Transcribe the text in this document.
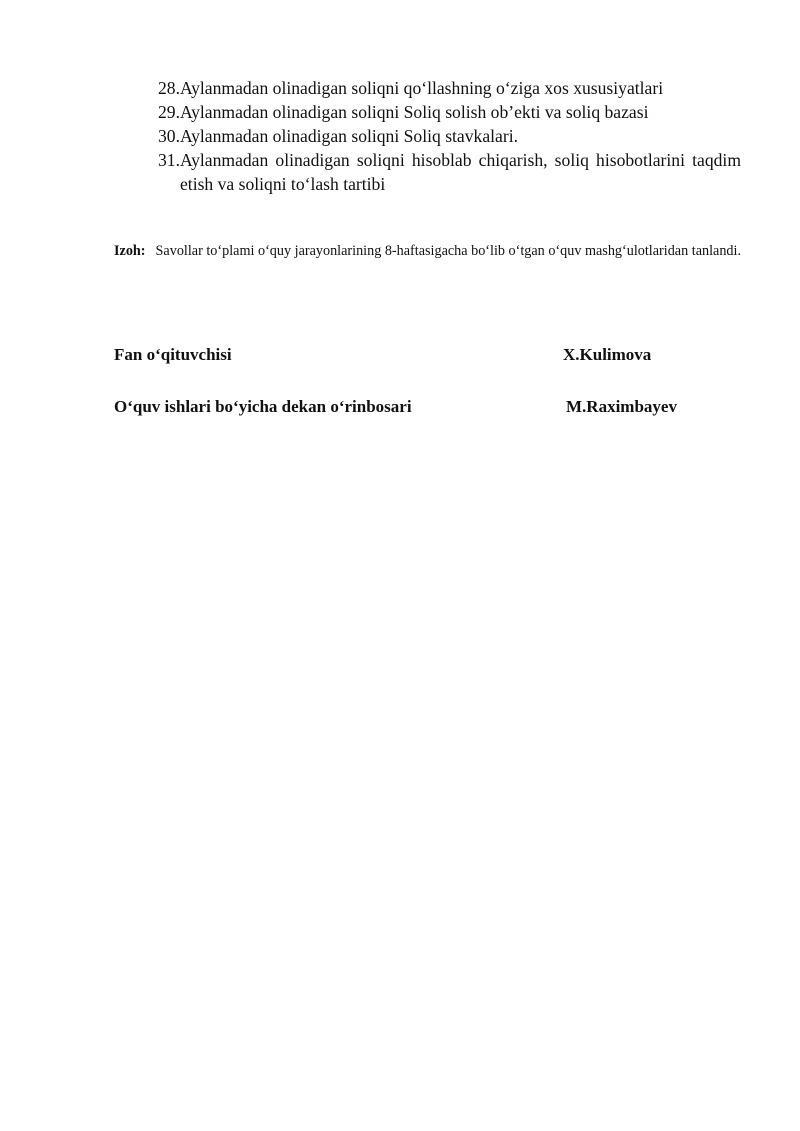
28. Aylanmadan olinadigan soliqni qo‘llashning o‘ziga xos xususiyatlari
29. Aylanmadan olinadigan soliqni Soliq solish ob’ekti va soliq bazasi
30. Aylanmadan olinadigan soliqni Soliq stavkalari.
31. Aylanmadan olinadigan soliqni hisoblab chiqarish, soliq hisobotlarini taqdim etish va soliqni to‘lash tartibi

Izoh: Savollar to‘plami o‘quy jarayonlarining 8-haftasigacha bo‘lib o‘tgan o‘quv mashg‘ulotlaridan tanlandi.

Fan o‘qituvchisi	X.Kulimova
O‘quv ishlari bo‘yicha dekan o‘rinbosari	M.Raximbayev
